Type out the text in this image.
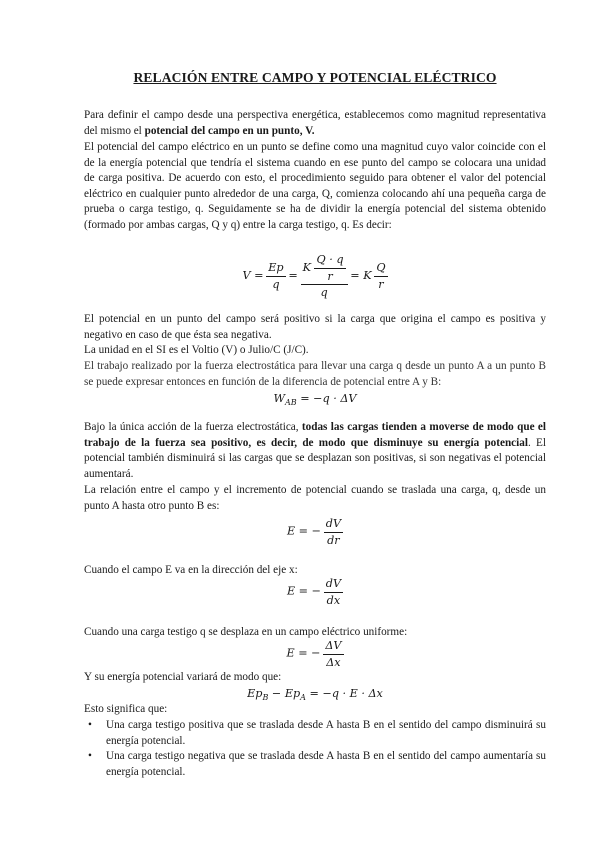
RELACIÓN ENTRE CAMPO Y POTENCIAL ELÉCTRICO
Para definir el campo desde una perspectiva energética, establecemos como magnitud representativa del mismo el potencial del campo en un punto, V.
El potencial del campo eléctrico en un punto se define como una magnitud cuyo valor coincide con el de la energía potencial que tendría el sistema cuando en ese punto del campo se colocara una unidad de carga positiva. De acuerdo con esto, el procedimiento seguido para obtener el valor del potencial eléctrico en cualquier punto alrededor de una carga, Q, comienza colocando ahí una pequeña carga de prueba o carga testigo, q. Seguidamente se ha de dividir la energía potencial del sistema obtenido (formado por ambas cargas, Q y q) entre la carga testigo, q. Es decir:
$V = \frac{Ep}{q} = \frac{K \frac{Q \cdot q}{r}}{q} = K \frac{Q}{r}$
El potencial en un punto del campo será positivo si la carga que origina el campo es positiva y negativo en caso de que ésta sea negativa.
La unidad en el SI es el Voltio (V) o Julio/C (J/C).
El trabajo realizado por la fuerza electrostática para llevar una carga q desde un punto A a un punto B se puede expresar entonces en función de la diferencia de potencial entre A y B:
$W_{AB} = -q \cdot \Delta V$
Bajo la única acción de la fuerza electrostática, todas las cargas tienden a moverse de modo que el trabajo de la fuerza sea positivo, es decir, de modo que disminuye su energía potencial. El potencial también disminuirá si las cargas que se desplazan son positivas, si son negativas el potencial aumentará.
La relación entre el campo y el incremento de potencial cuando se traslada una carga, q, desde un punto A hasta otro punto B es:
E = − $\frac{dV}{dr}$
Cuando el campo E va en la dirección del eje x:
E = − $\frac{dV}{dx}$
Cuando una carga testigo q se desplaza en un campo eléctrico uniforme:
E = − $\frac{\Delta V}{\Delta x}$
Y su energía potencial variará de modo que:
$Ep_B - Ep_A = -q \cdot E \cdot \Delta x$
Esto significa que:
• Una carga testigo positiva que se traslada desde A hasta B en el sentido del campo disminuirá su energía potencial.
• Una carga testigo negativa que se traslada desde A hasta B en el sentido del campo aumentaría su energía potencial.
